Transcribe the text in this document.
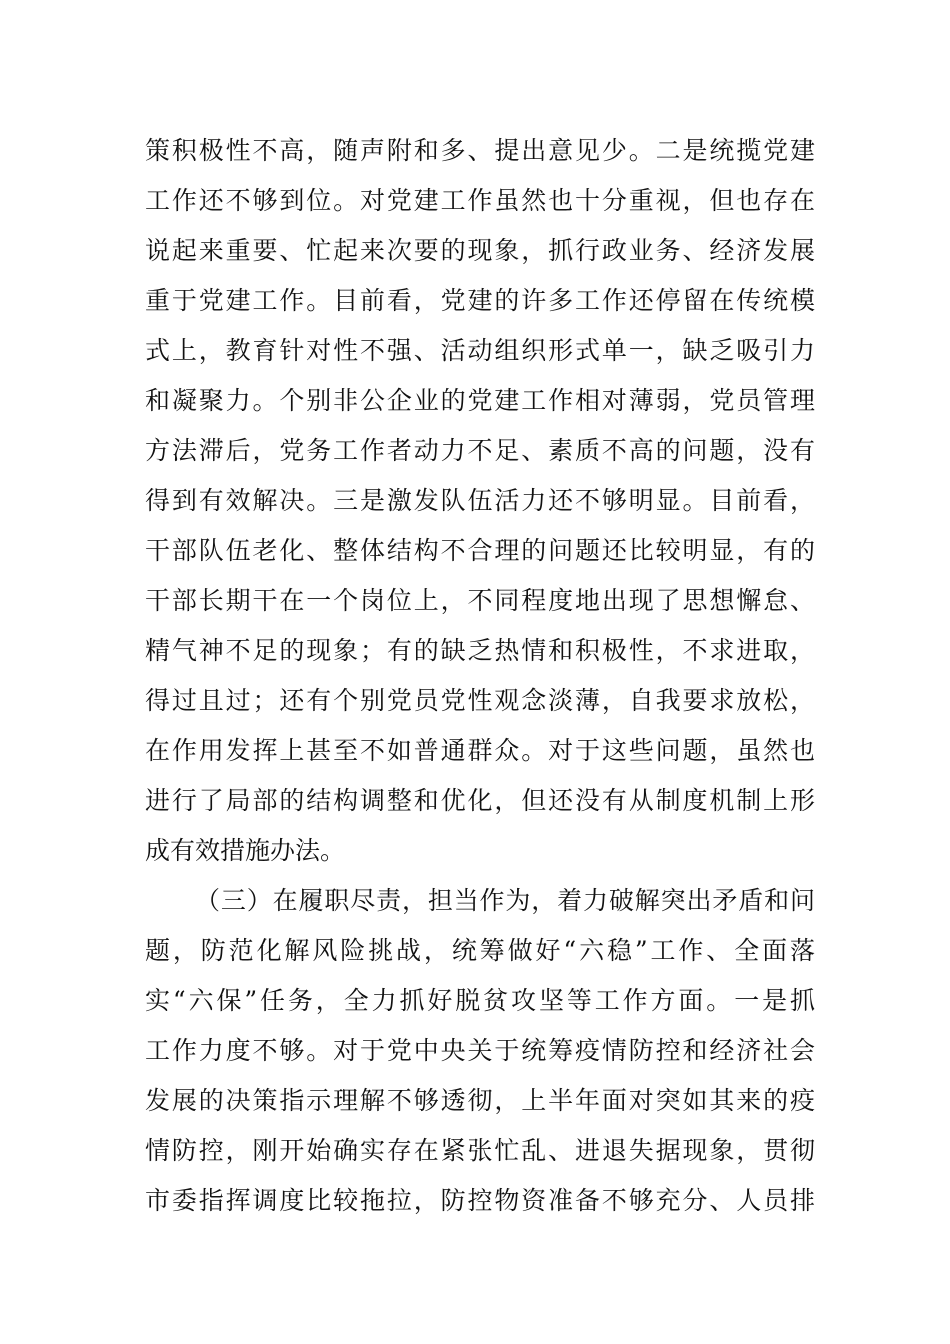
策积极性不高，随声附和多、提出意见少。二是统揽党建
工作还不够到位。对党建工作虽然也十分重视，但也存在
说起来重要、忙起来次要的现象，抓行政业务、经济发展
重于党建工作。目前看，党建的许多工作还停留在传统模
式上，教育针对性不强、活动组织形式单一，缺乏吸引力
和凝聚力。个别非公企业的党建工作相对薄弱，党员管理
方法滞后，党务工作者动力不足、素质不高的问题，没有
得到有效解决。三是激发队伍活力还不够明显。目前看，
干部队伍老化、整体结构不合理的问题还比较明显，有的
干部长期干在一个岗位上，不同程度地出现了思想懈怠、
精气神不足的现象；有的缺乏热情和积极性，不求进取，
得过且过；还有个别党员党性观念淡薄，自我要求放松，
在作用发挥上甚至不如普通群众。对于这些问题，虽然也
进行了局部的结构调整和优化，但还没有从制度机制上形
成有效措施办法。
（三）在履职尽责，担当作为，着力破解突出矛盾和问
题，防范化解风险挑战，统筹做好“六稳”工作、全面落
实“六保”任务，全力抓好脱贫攻坚等工作方面。一是抓
工作力度不够。对于党中央关于统筹疫情防控和经济社会
发展的决策指示理解不够透彻，上半年面对突如其来的疫
情防控，刚开始确实存在紧张忙乱、进退失据现象，贯彻
市委指挥调度比较拖拉，防控物资准备不够充分、人员排
